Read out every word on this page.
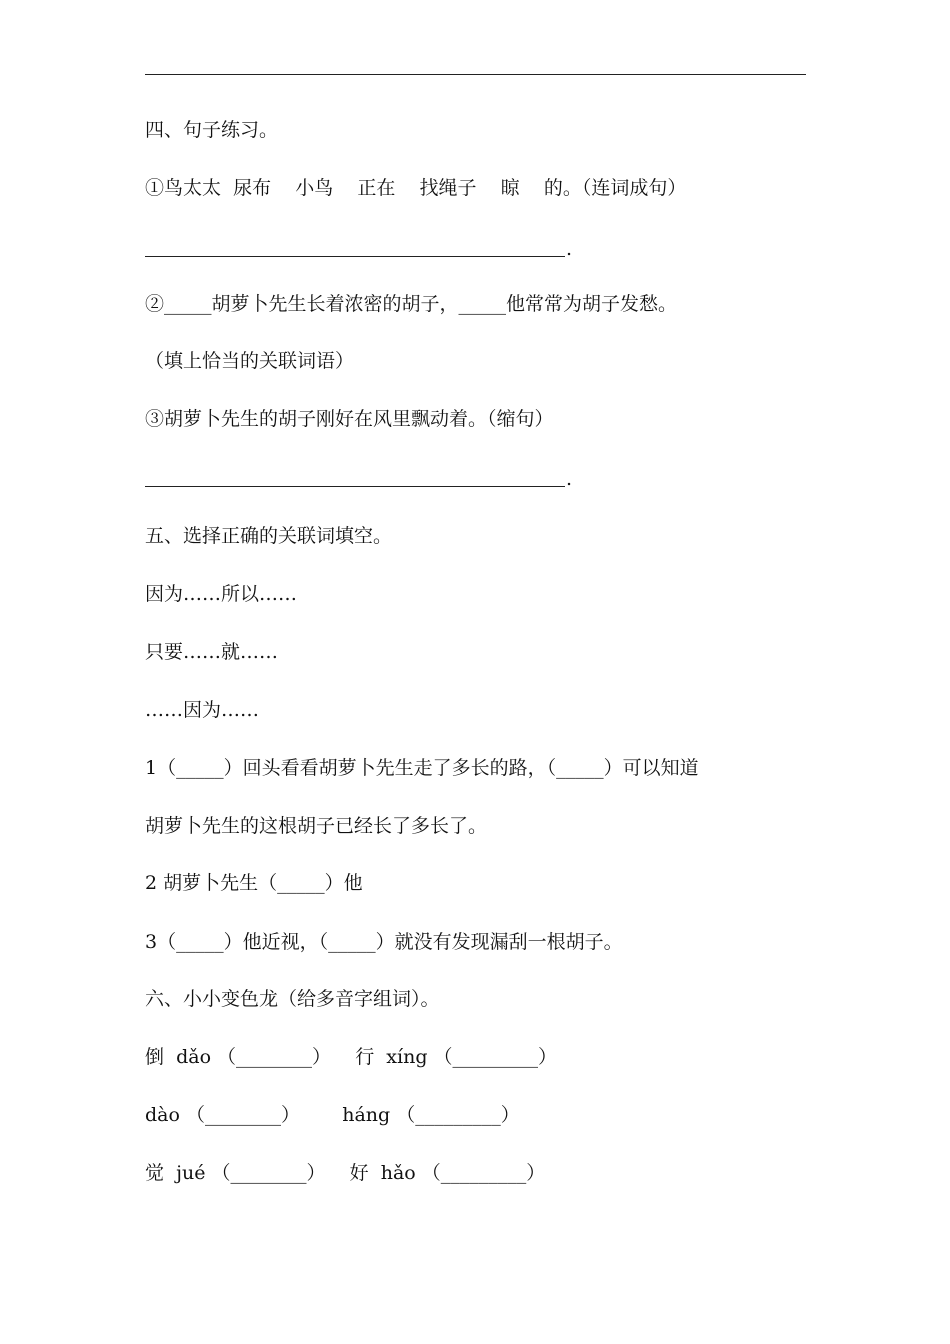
四、句子练习。
①鸟太太  尿布    小鸟    正在    找绳子    晾    的。（连词成句）
.
②_____胡萝卜先生长着浓密的胡子，_____他常常为胡子发愁。
（填上恰当的关联词语）
③胡萝卜先生的胡子刚好在风里飘动着。（缩句）
.
五、选择正确的关联词填空。
因为……所以……
只要……就……
……因为……
1（_____）回头看看胡萝卜先生走了多长的路，（_____）可以知道
胡萝卜先生的这根胡子已经长了多长了。
2 胡萝卜先生（_____）他
3（_____）他近视，（_____）就没有发现漏刮一根胡子。
六、小小变色龙（给多音字组词）。
倒  dǎo （________）    行  xíng （_________）
dào （________）       háng （_________）
觉  jué （________）    好  hǎo （_________）
